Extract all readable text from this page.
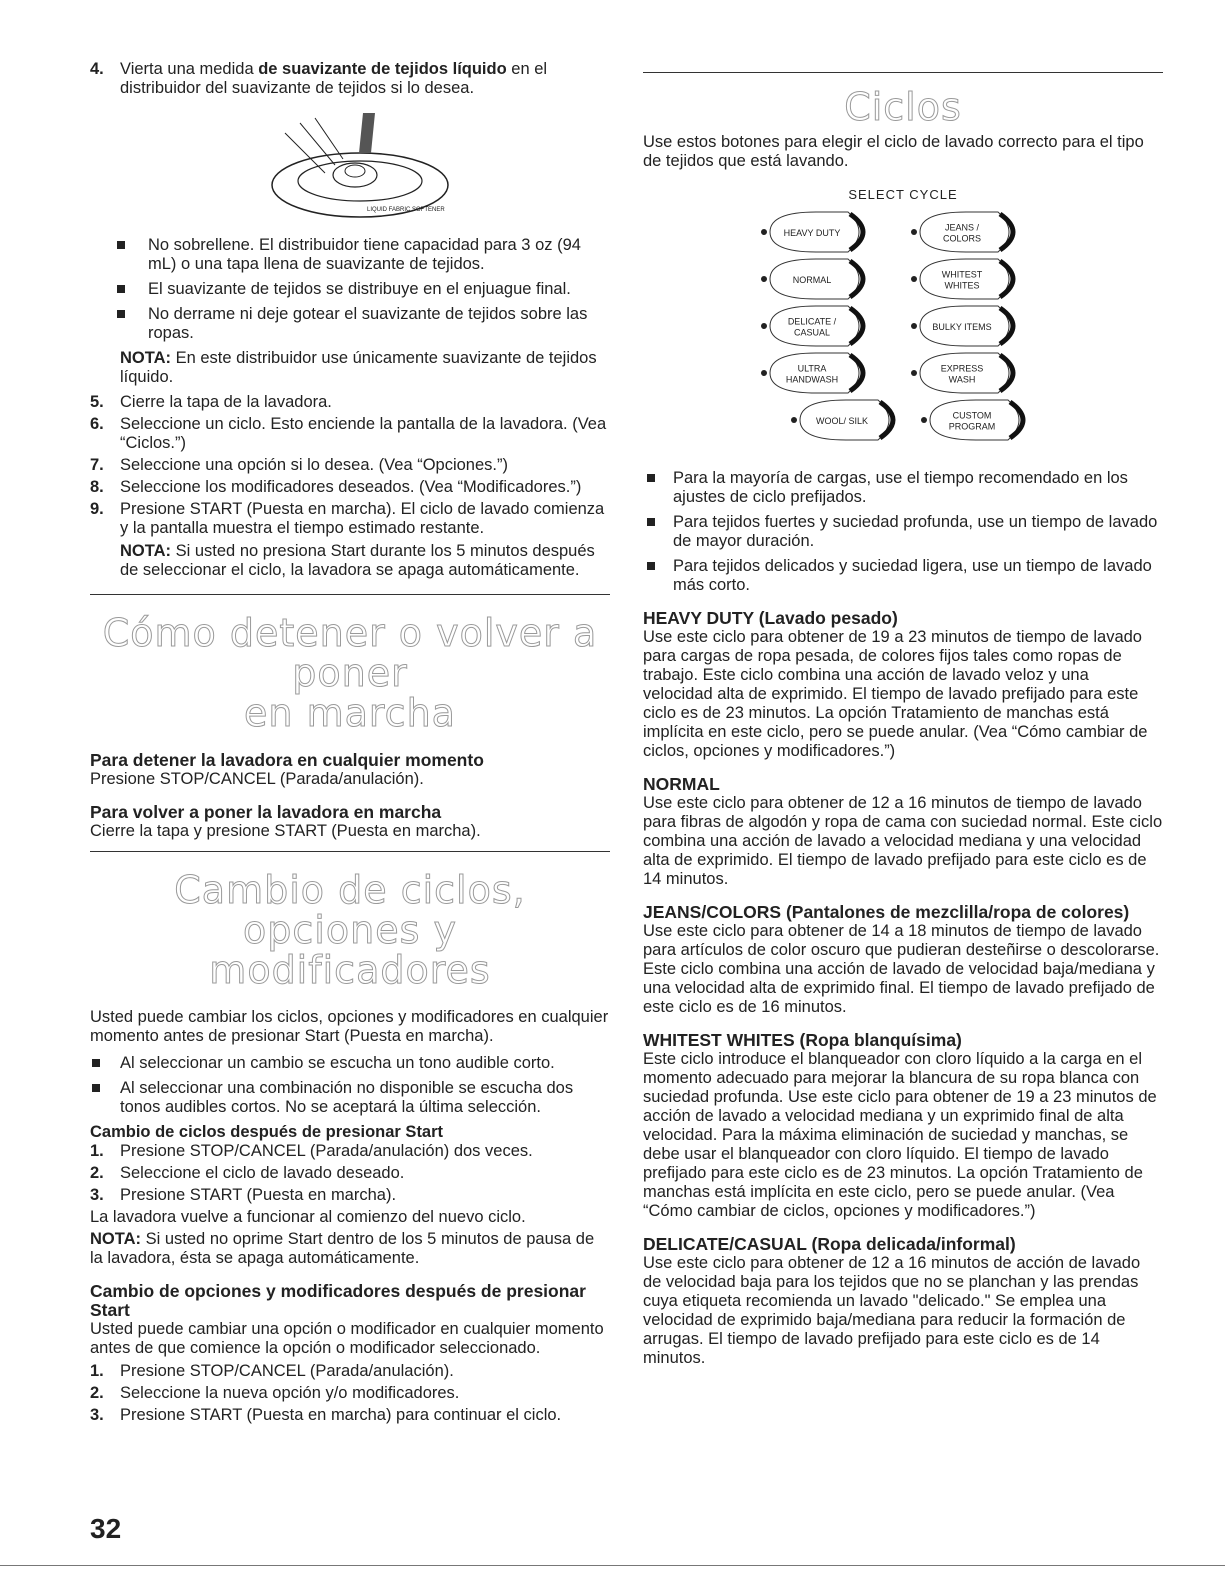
4. Vierta una medida de suavizante de tejidos líquido en el distribuidor del suavizante de tejidos si lo desea.
LIQUID FABRIC SOFTENER
No sobrellene. El distribuidor tiene capacidad para 3 oz (94 mL) o una tapa llena de suavizante de tejidos.
El suavizante de tejidos se distribuye en el enjuague final.
No derrame ni deje gotear el suavizante de tejidos sobre las ropas.

NOTA: En este distribuidor use únicamente suavizante de tejidos líquido.

5. Cierre la tapa de la lavadora.
6. Seleccione un ciclo. Esto enciende la pantalla de la lavadora. (Vea “Ciclos.”)
7. Seleccione una opción si lo desea. (Vea “Opciones.”)
8. Seleccione los modificadores deseados. (Vea “Modificadores.”)
9. Presione START (Puesta en marcha). El ciclo de lavado comienza y la pantalla muestra el tiempo estimado restante.

NOTA: Si usted no presiona Start durante los 5 minutos después de seleccionar el ciclo, la lavadora se apaga automáticamente.

Cómo detener o volver a poner
en marcha

Para detener la lavadora en cualquier momento

Presione STOP/CANCEL (Parada/anulación).

Para volver a poner la lavadora en marcha

Cierre la tapa y presione START (Puesta en marcha).

Cambio de ciclos, opciones y
modificadores

Usted puede cambiar los ciclos, opciones y modificadores en cualquier momento antes de presionar Start (Puesta en marcha).

Al seleccionar un cambio se escucha un tono audible corto.
Al seleccionar una combinación no disponible se escucha dos tonos audibles cortos. No se aceptará la última selección.

Cambio de ciclos después de presionar Start

1. Presione STOP/CANCEL (Parada/anulación) dos veces.
2. Seleccione el ciclo de lavado deseado.
3. Presione START (Puesta en marcha).

La lavadora vuelve a funcionar al comienzo del nuevo ciclo.

NOTA: Si usted no oprime Start dentro de los 5 minutos de pausa de la lavadora, ésta se apaga automáticamente.

Cambio de opciones y modificadores después de presionar Start

Usted puede cambiar una opción o modificador en cualquier momento antes de que comience la opción o modificador seleccionado.

1. Presione STOP/CANCEL (Parada/anulación).
2. Seleccione la nueva opción y/o modificadores.
3. Presione START (Puesta en marcha) para continuar el ciclo.
Ciclos

Use estos botones para elegir el ciclo de lavado correcto para el tipo de tejidos que está lavando.

SELECT CYCLE
HEAVY DUTY
JEANS /
COLORS
NORMAL
WHITEST
WHITES
DELICATE /
CASUAL
BULKY ITEMS
ULTRA
HANDWASH
EXPRESS
WASH
WOOL/ SILK
CUSTOM
PROGRAM
Para la mayoría de cargas, use el tiempo recomendado en los ajustes de ciclo prefijados.
Para tejidos fuertes y suciedad profunda, use un tiempo de lavado de mayor duración.
Para tejidos delicados y suciedad ligera, use un tiempo de lavado más corto.

HEAVY DUTY (Lavado pesado)

Use este ciclo para obtener de 19 a 23 minutos de tiempo de lavado para cargas de ropa pesada, de colores fijos tales como ropas de trabajo. Este ciclo combina una acción de lavado veloz y una velocidad alta de exprimido. El tiempo de lavado prefijado para este ciclo es de 23 minutos. La opción Tratamiento de manchas está implícita en este ciclo, pero se puede anular. (Vea “Cómo cambiar de ciclos, opciones y modificadores.”)

NORMAL

Use este ciclo para obtener de 12 a 16 minutos de tiempo de lavado para fibras de algodón y ropa de cama con suciedad normal. Este ciclo combina una acción de lavado a velocidad mediana y una velocidad alta de exprimido. El tiempo de lavado prefijado para este ciclo es de 14 minutos.

JEANS/COLORS (Pantalones de mezclilla/ropa de colores)

Use este ciclo para obtener de 14 a 18 minutos de tiempo de lavado para artículos de color oscuro que pudieran desteñirse o descolorarse. Este ciclo combina una acción de lavado de velocidad baja/mediana y una velocidad alta de exprimido final. El tiempo de lavado prefijado de este ciclo es de 16 minutos.

WHITEST WHITES (Ropa blanquísima)

Este ciclo introduce el blanqueador con cloro líquido a la carga en el momento adecuado para mejorar la blancura de su ropa blanca con suciedad profunda. Use este ciclo para obtener de 19 a 23 minutos de acción de lavado a velocidad mediana y un exprimido final de alta velocidad. Para la máxima eliminación de suciedad y manchas, se debe usar el blanqueador con cloro líquido. El tiempo de lavado prefijado para este ciclo es de 23 minutos. La opción Tratamiento de manchas está implícita en este ciclo, pero se puede anular. (Vea “Cómo cambiar de ciclos, opciones y modificadores.”)

DELICATE/CASUAL (Ropa delicada/informal)

Use este ciclo para obtener de 12 a 16 minutos de acción de lavado de velocidad baja para los tejidos que no se planchan y las prendas cuya etiqueta recomienda un lavado "delicado." Se emplea una velocidad de exprimido baja/mediana para reducir la formación de arrugas. El tiempo de lavado prefijado para este ciclo es de 14 minutos.

32
